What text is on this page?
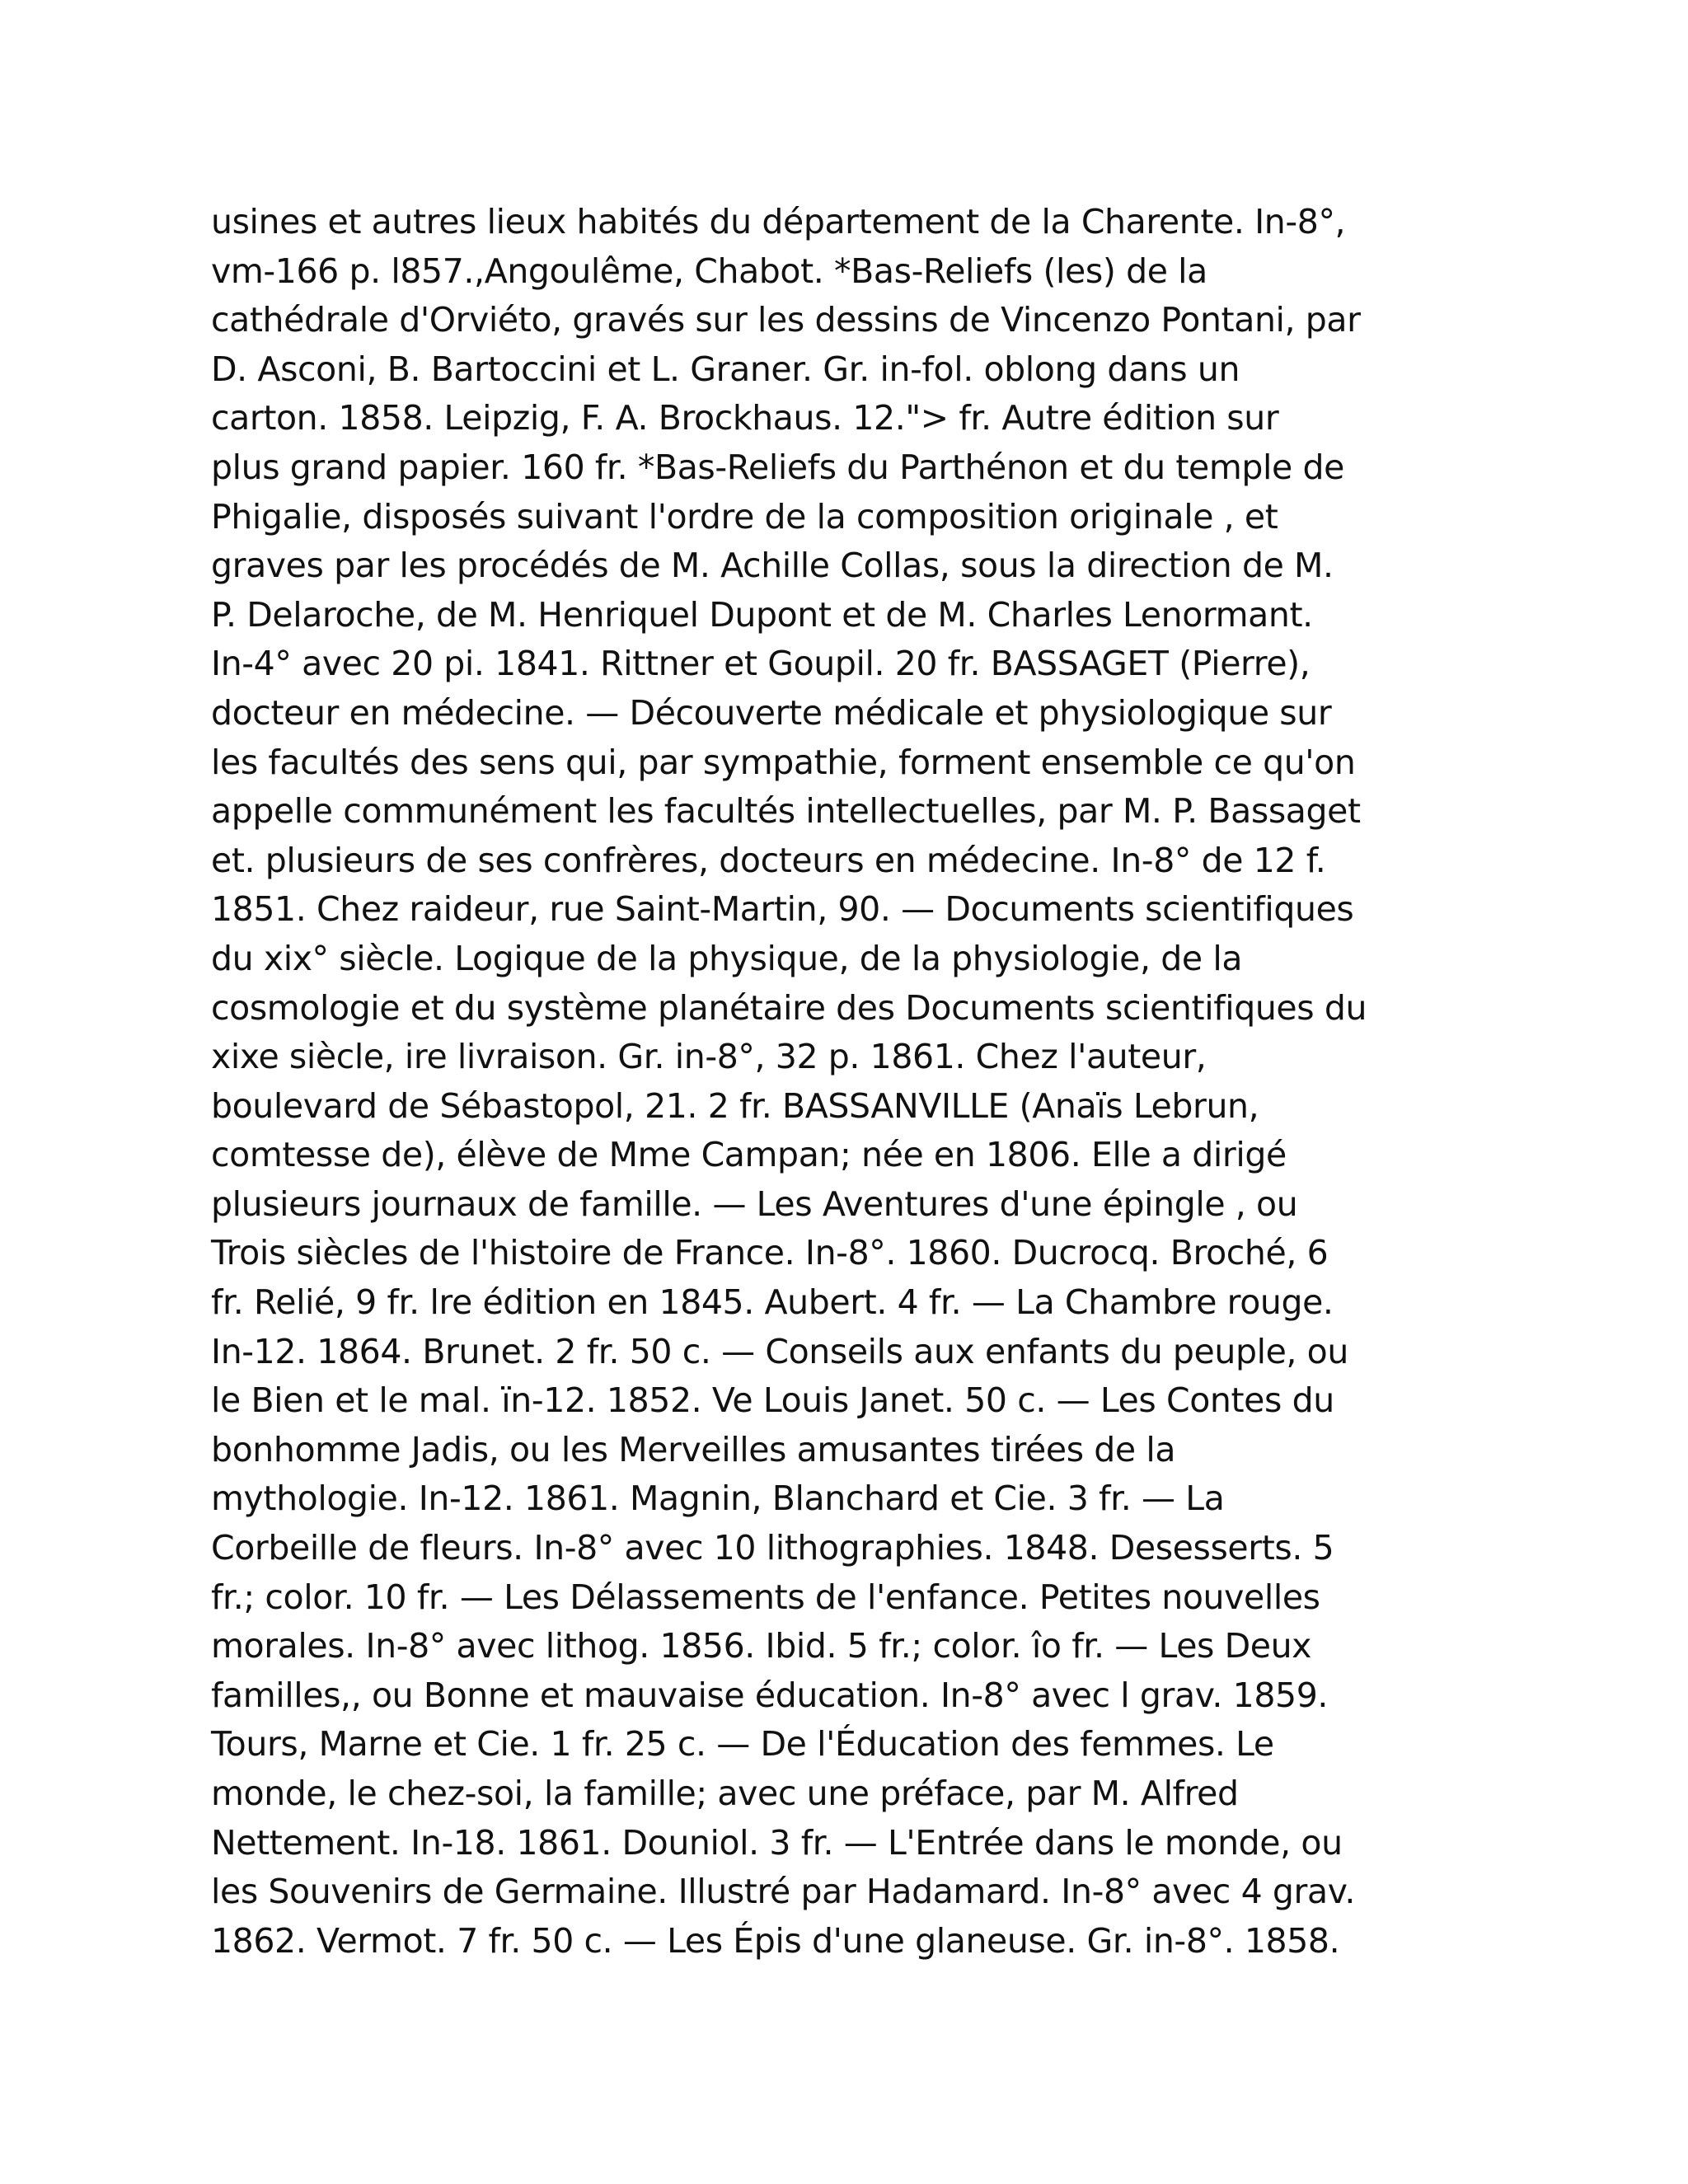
usines et autres lieux habités du département de la Charente. In-8°,
vm-166 p. l857.,Angoulême, Chabot. *Bas-Reliefs (les) de la
cathédrale d'Orviéto, gravés sur les dessins de Vincenzo Pontani, par
D. Asconi, B. Bartoccini et L. Graner. Gr. in-fol. oblong dans un
carton. 1858. Leipzig, F. A. Brockhaus. 12."> fr. Autre édition sur
plus grand papier. 160 fr. *Bas-Reliefs du Parthénon et du temple de
Phigalie, disposés suivant l'ordre de la composition originale , et
graves par les procédés de M. Achille Collas, sous la direction de M.
P. Delaroche, de M. Henriquel Dupont et de M. Charles Lenormant.
In-4° avec 20 pi. 1841. Rittner et Goupil. 20 fr. BASSAGET (Pierre),
docteur en médecine. — Découverte médicale et physiologique sur
les facultés des sens qui, par sympathie, forment ensemble ce qu'on
appelle communément les facultés intellectuelles, par M. P. Bassaget
et. plusieurs de ses confrères, docteurs en médecine. In-8° de 12 f.
1851. Chez raideur, rue Saint-Martin, 90. — Documents scientifiques
du xix° siècle. Logique de la physique, de la physiologie, de la
cosmologie et du système planétaire des Documents scientifiques du
xixe siècle, ire livraison. Gr. in-8°, 32 p. 1861. Chez l'auteur,
boulevard de Sébastopol, 21. 2 fr. BASSANVILLE (Anaïs Lebrun,
comtesse de), élève de Mme Campan; née en 1806. Elle a dirigé
plusieurs journaux de famille. — Les Aventures d'une épingle , ou
Trois siècles de l'histoire de France. In-8°. 1860. Ducrocq. Broché, 6
fr. Relié, 9 fr. lre édition en 1845. Aubert. 4 fr. — La Chambre rouge.
In-12. 1864. Brunet. 2 fr. 50 c. — Conseils aux enfants du peuple, ou
le Bien et le mal. ïn-12. 1852. Ve Louis Janet. 50 c. — Les Contes du
bonhomme Jadis, ou les Merveilles amusantes tirées de la
mythologie. In-12. 1861. Magnin, Blanchard et Cie. 3 fr. — La
Corbeille de fleurs. In-8° avec 10 lithographies. 1848. Desesserts. 5
fr.; color. 10 fr. — Les Délassements de l'enfance. Petites nouvelles
morales. In-8° avec lithog. 1856. Ibid. 5 fr.; color. îo fr. — Les Deux
familles,, ou Bonne et mauvaise éducation. In-8° avec l grav. 1859.
Tours, Marne et Cie. 1 fr. 25 c. — De l'Éducation des femmes. Le
monde, le chez-soi, la famille; avec une préface, par M. Alfred
Nettement. In-18. 1861. Douniol. 3 fr. — L'Entrée dans le monde, ou
les Souvenirs de Germaine. Illustré par Hadamard. In-8° avec 4 grav.
1862. Vermot. 7 fr. 50 c. — Les Épis d'une glaneuse. Gr. in-8°. 1858.
